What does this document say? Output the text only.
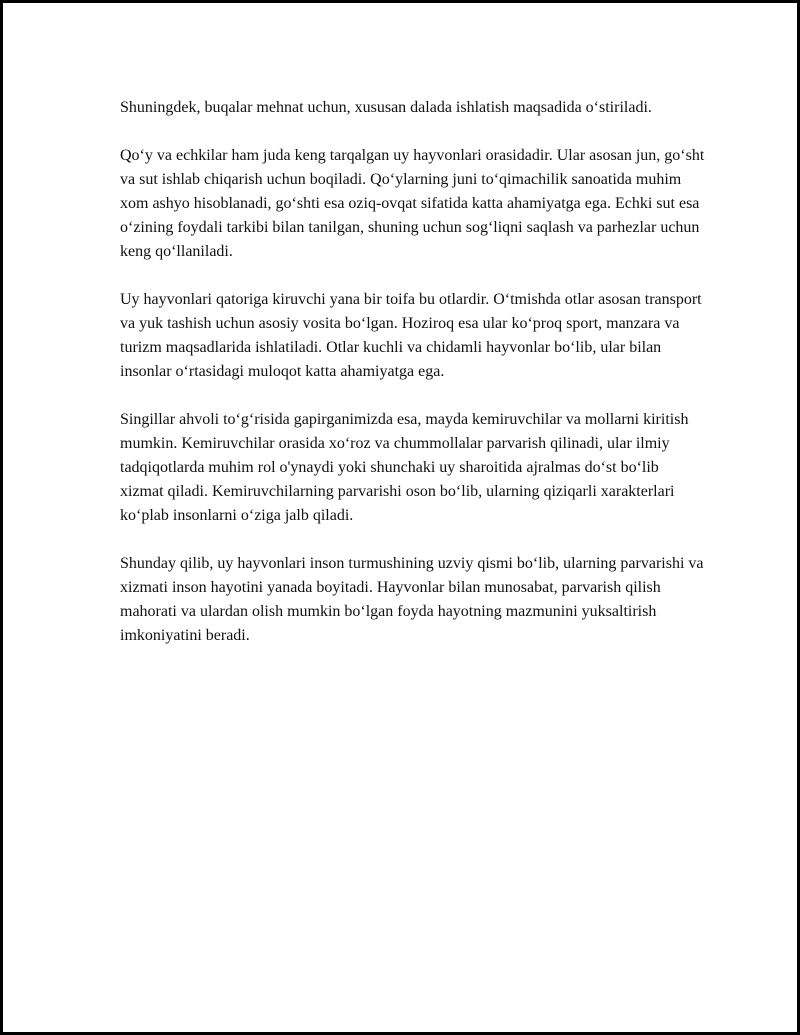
Shuningdek, buqalar mehnat uchun, xususan dalada ishlatish maqsadida o‘stiriladi.

Qo‘y va echkilar ham juda keng tarqalgan uy hayvonlari orasidadir. Ular asosan jun, go‘sht va sut ishlab chiqarish uchun boqiladi. Qo‘ylarning juni to‘qimachilik sanoatida muhim xom ashyo hisoblanadi, go‘shti esa oziq-ovqat sifatida katta ahamiyatga ega. Echki sut esa o‘zining foydali tarkibi bilan tanilgan, shuning uchun sog‘liqni saqlash va parhezlar uchun keng qo‘llaniladi.

Uy hayvonlari qatoriga kiruvchi yana bir toifa bu otlardir. O‘tmishda otlar asosan transport va yuk tashish uchun asosiy vosita bo‘lgan. Hoziroq esa ular ko‘proq sport, manzara va turizm maqsadlarida ishlatiladi. Otlar kuchli va chidamli hayvonlar bo‘lib, ular bilan insonlar o‘rtasidagi muloqot katta ahamiyatga ega.

Singillar ahvoli to‘g‘risida gapirganimizda esa, mayda kemiruvchilar va mollarni kiritish mumkin. Kemiruvchilar orasida xo‘roz va chummollalar parvarish qilinadi, ular ilmiy tadqiqotlarda muhim rol o'ynaydi yoki shunchaki uy sharoitida ajralmas do‘st bo‘lib xizmat qiladi. Kemiruvchilarning parvarishi oson bo‘lib, ularning qiziqarli xarakterlari ko‘plab insonlarni o‘ziga jalb qiladi.

Shunday qilib, uy hayvonlari inson turmushining uzviy qismi bo‘lib, ularning parvarishi va xizmati inson hayotini yanada boyitadi. Hayvonlar bilan munosabat, parvarish qilish mahorati va ulardan olish mumkin bo‘lgan foyda hayotning mazmunini yuksaltirish imkoniyatini beradi.
